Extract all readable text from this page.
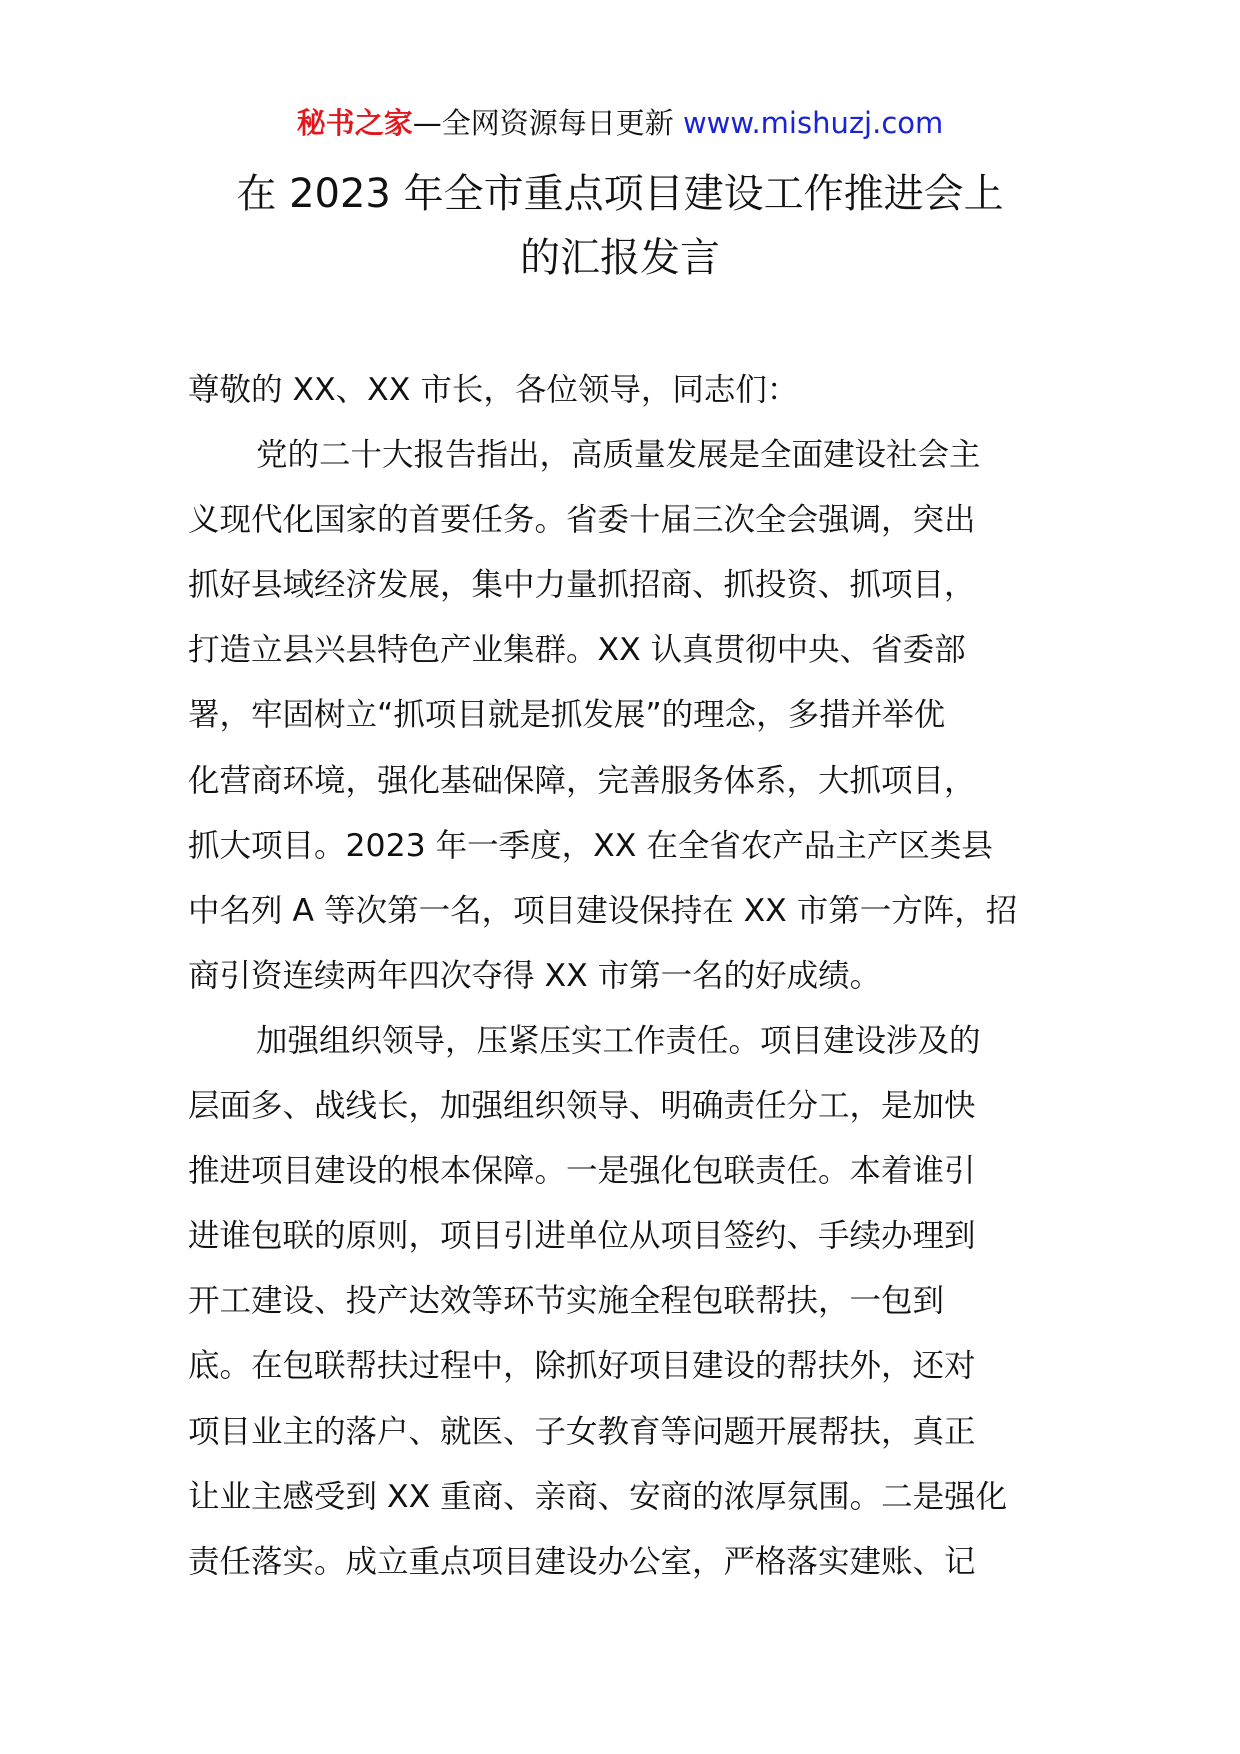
秘书之家—全网资源每日更新 www.mishuzj.com
在 2023 年全市重点项目建设工作推进会上
的汇报发言
尊敬的 XX、XX 市长，各位领导，同志们：
党的二十大报告指出，高质量发展是全面建设社会主
义现代化国家的首要任务。省委十届三次全会强调，突出
抓好县域经济发展，集中力量抓招商、抓投资、抓项目，
打造立县兴县特色产业集群。XX 认真贯彻中央、省委部
署，牢固树立“抓项目就是抓发展”的理念，多措并举优
化营商环境，强化基础保障，完善服务体系，大抓项目，
抓大项目。2023 年一季度，XX 在全省农产品主产区类县
中名列 A 等次第一名，项目建设保持在 XX 市第一方阵，招
商引资连续两年四次夺得 XX 市第一名的好成绩。
加强组织领导，压紧压实工作责任。项目建设涉及的
层面多、战线长，加强组织领导、明确责任分工，是加快
推进项目建设的根本保障。一是强化包联责任。本着谁引
进谁包联的原则，项目引进单位从项目签约、手续办理到
开工建设、投产达效等环节实施全程包联帮扶，一包到
底。在包联帮扶过程中，除抓好项目建设的帮扶外，还对
项目业主的落户、就医、子女教育等问题开展帮扶，真正
让业主感受到 XX 重商、亲商、安商的浓厚氛围。二是强化
责任落实。成立重点项目建设办公室，严格落实建账、记
